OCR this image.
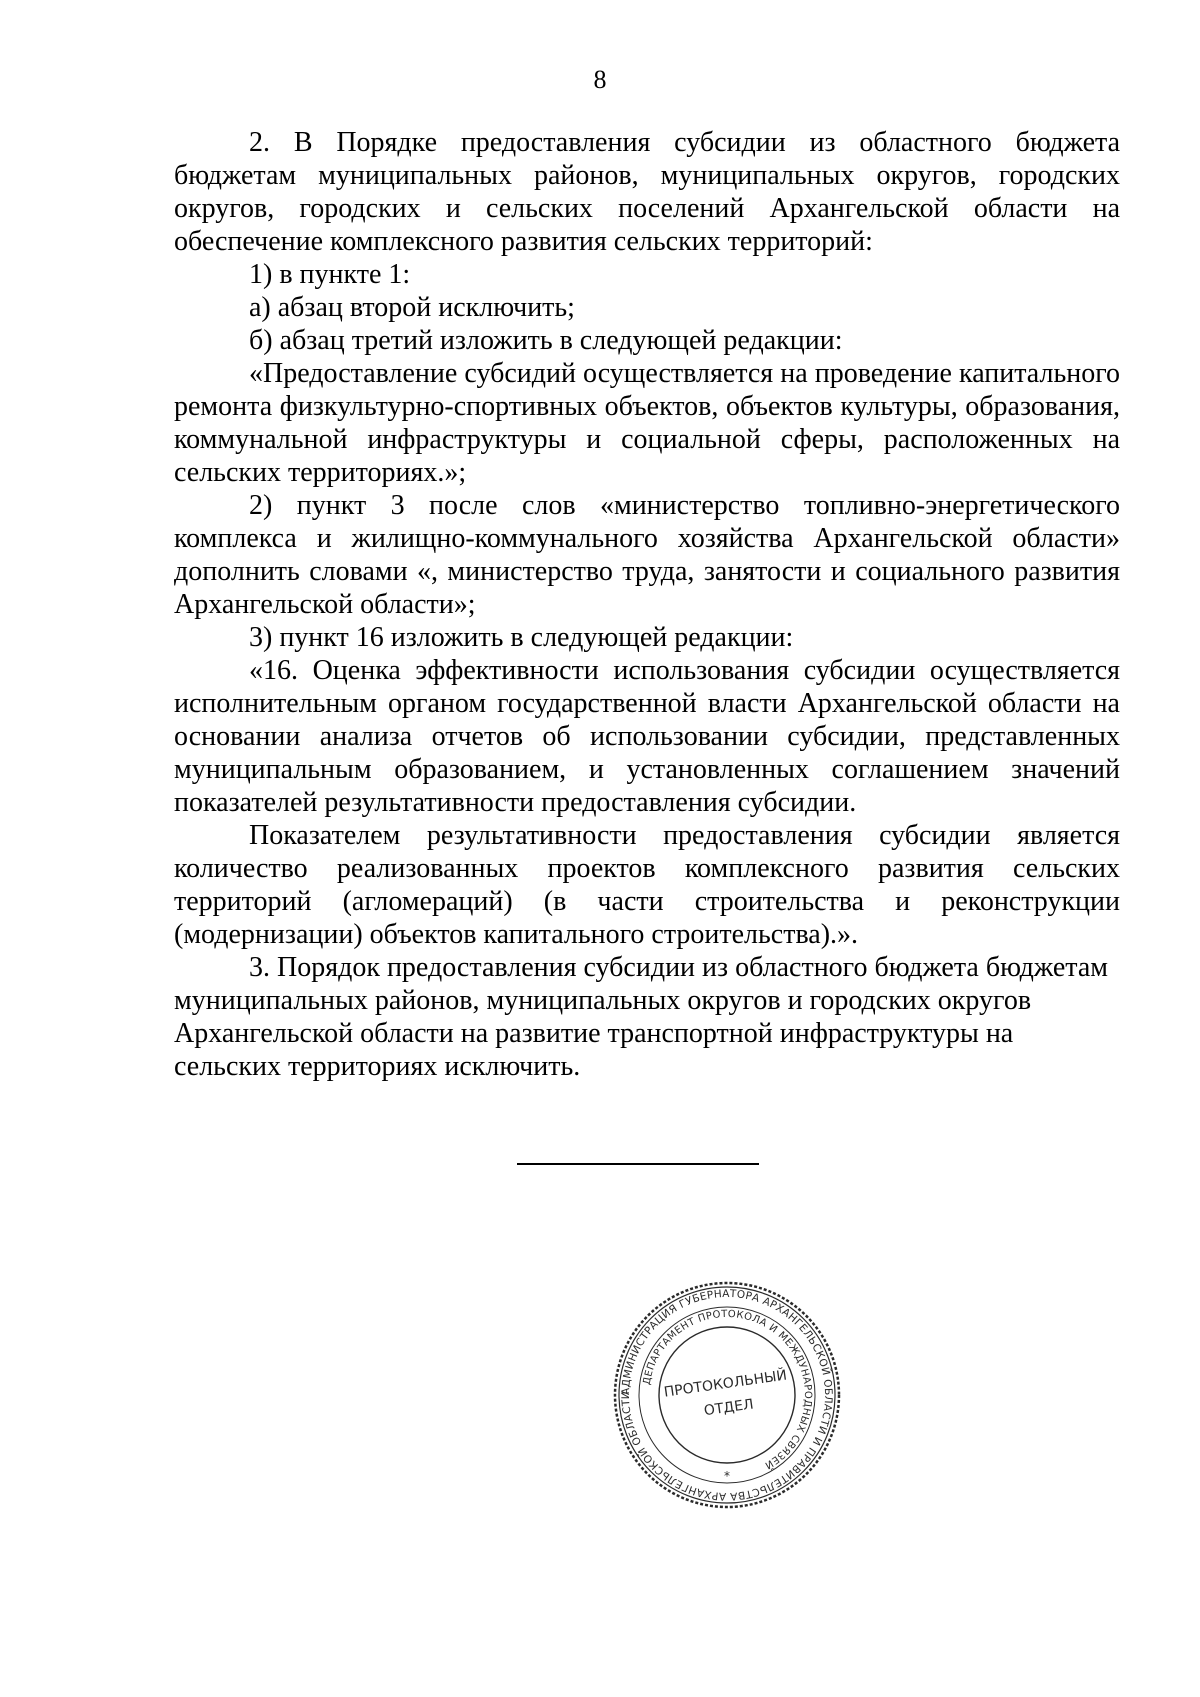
8

2. В Порядке предоставления субсидии из областного бюджета бюджетам муниципальных районов, муниципальных округов, городских округов, городских и сельских поселений Архангельской области на обеспечение комплексного развития сельских территорий:

1) в пункте 1:

а) абзац второй исключить;

б) абзац третий изложить в следующей редакции:

«Предоставление субсидий осуществляется на проведение капитального ремонта физкультурно-спортивных объектов, объектов культуры, образования, коммунальной инфраструктуры и социальной сферы, расположенных на сельских территориях.»;

2) пункт 3 после слов «министерство топливно-энергетического комплекса и жилищно-коммунального хозяйства Архангельской области» дополнить словами «, министерство труда, занятости и социального развития Архангельской области»;

3) пункт 16 изложить в следующей редакции:

«16. Оценка эффективности использования субсидии осуществляется исполнительным органом государственной власти Архангельской области на основании анализа отчетов об использовании субсидии, представленных муниципальным образованием, и установленных соглашением значений показателей результативности предоставления субсидии.

Показателем результативности предоставления субсидии является количество реализованных проектов комплексного развития сельских территорий (агломераций) (в части строительства и реконструкции (модернизации) объектов капитального строительства).».

3. Порядок предоставления субсидии из областного бюджета бюджетам муниципальных районов, муниципальных округов и городских округов Архангельской области на развитие транспортной инфраструктуры на сельских территориях исключить.

АДМИНИСТРАЦИЯ ГУБЕРНАТОРА АРХАНГЕЛЬСКОЙ ОБЛАСТИ И ПРАВИТЕЛЬСТВА АРХАНГЕЛЬСКОЙ ОБЛАСТИ
ДЕПАРТАМЕНТ ПРОТОКОЛА И МЕЖДУНАРОДНЫХ СВЯЗЕЙ
ПРОТОКОЛЬНЫЙ
ОТДЕЛ
*
